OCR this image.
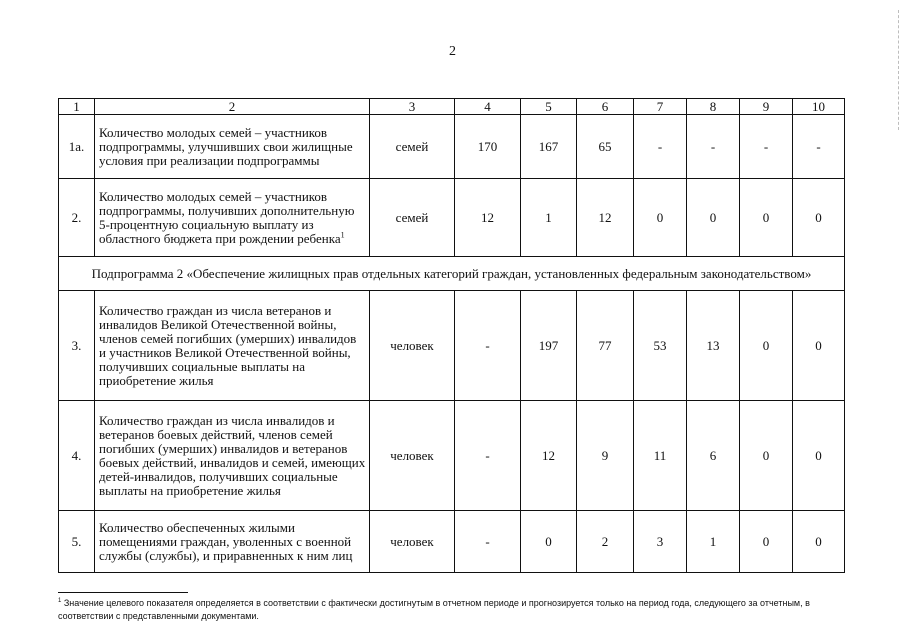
2
1	2	3	4	5	6	7	8	9	10
1а.	Количество молодых семей – участников подпрограммы, улучшивших свои жилищные условия при реализации подпрограммы	семей	170	167	65	-	-	-	-
2.	Количество молодых семей – участников подпрограммы, получивших дополнительную 5-процентную социальную выплату из областного бюджета при рождении ребенка$^1$	семей	12	1	12	0	0	0	0
Подпрограмма 2 «Обеспечение жилищных прав отдельных категорий граждан, установленных федеральным законодательством»									
3.	Количество граждан из числа ветеранов и инвалидов Великой Отечественной войны, членов семей погибших (умерших) инвалидов и участников Великой Отечественной войны, получивших социальные выплаты на приобретение жилья	человек	-	197	77	53	13	0	0
4.	Количество граждан из числа инвалидов и ветеранов боевых действий, членов семей погибших (умерших) инвалидов и ветеранов боевых действий, инвалидов и семей, имеющих детей-инвалидов, получивших социальные выплаты на приобретение жилья	человек	-	12	9	11	6	0	0
5.	Количество обеспеченных жилыми помещениями граждан, уволенных с военной службы (службы), и приравненных к ним лиц	человек	-	0	2	3	1	0	0
$^1$ Значение целевого показателя определяется в соответствии с фактически достигнутым в отчетном периоде и прогнозируется только на период года, следующего за отчетным, в соответствии с представленными документами.
